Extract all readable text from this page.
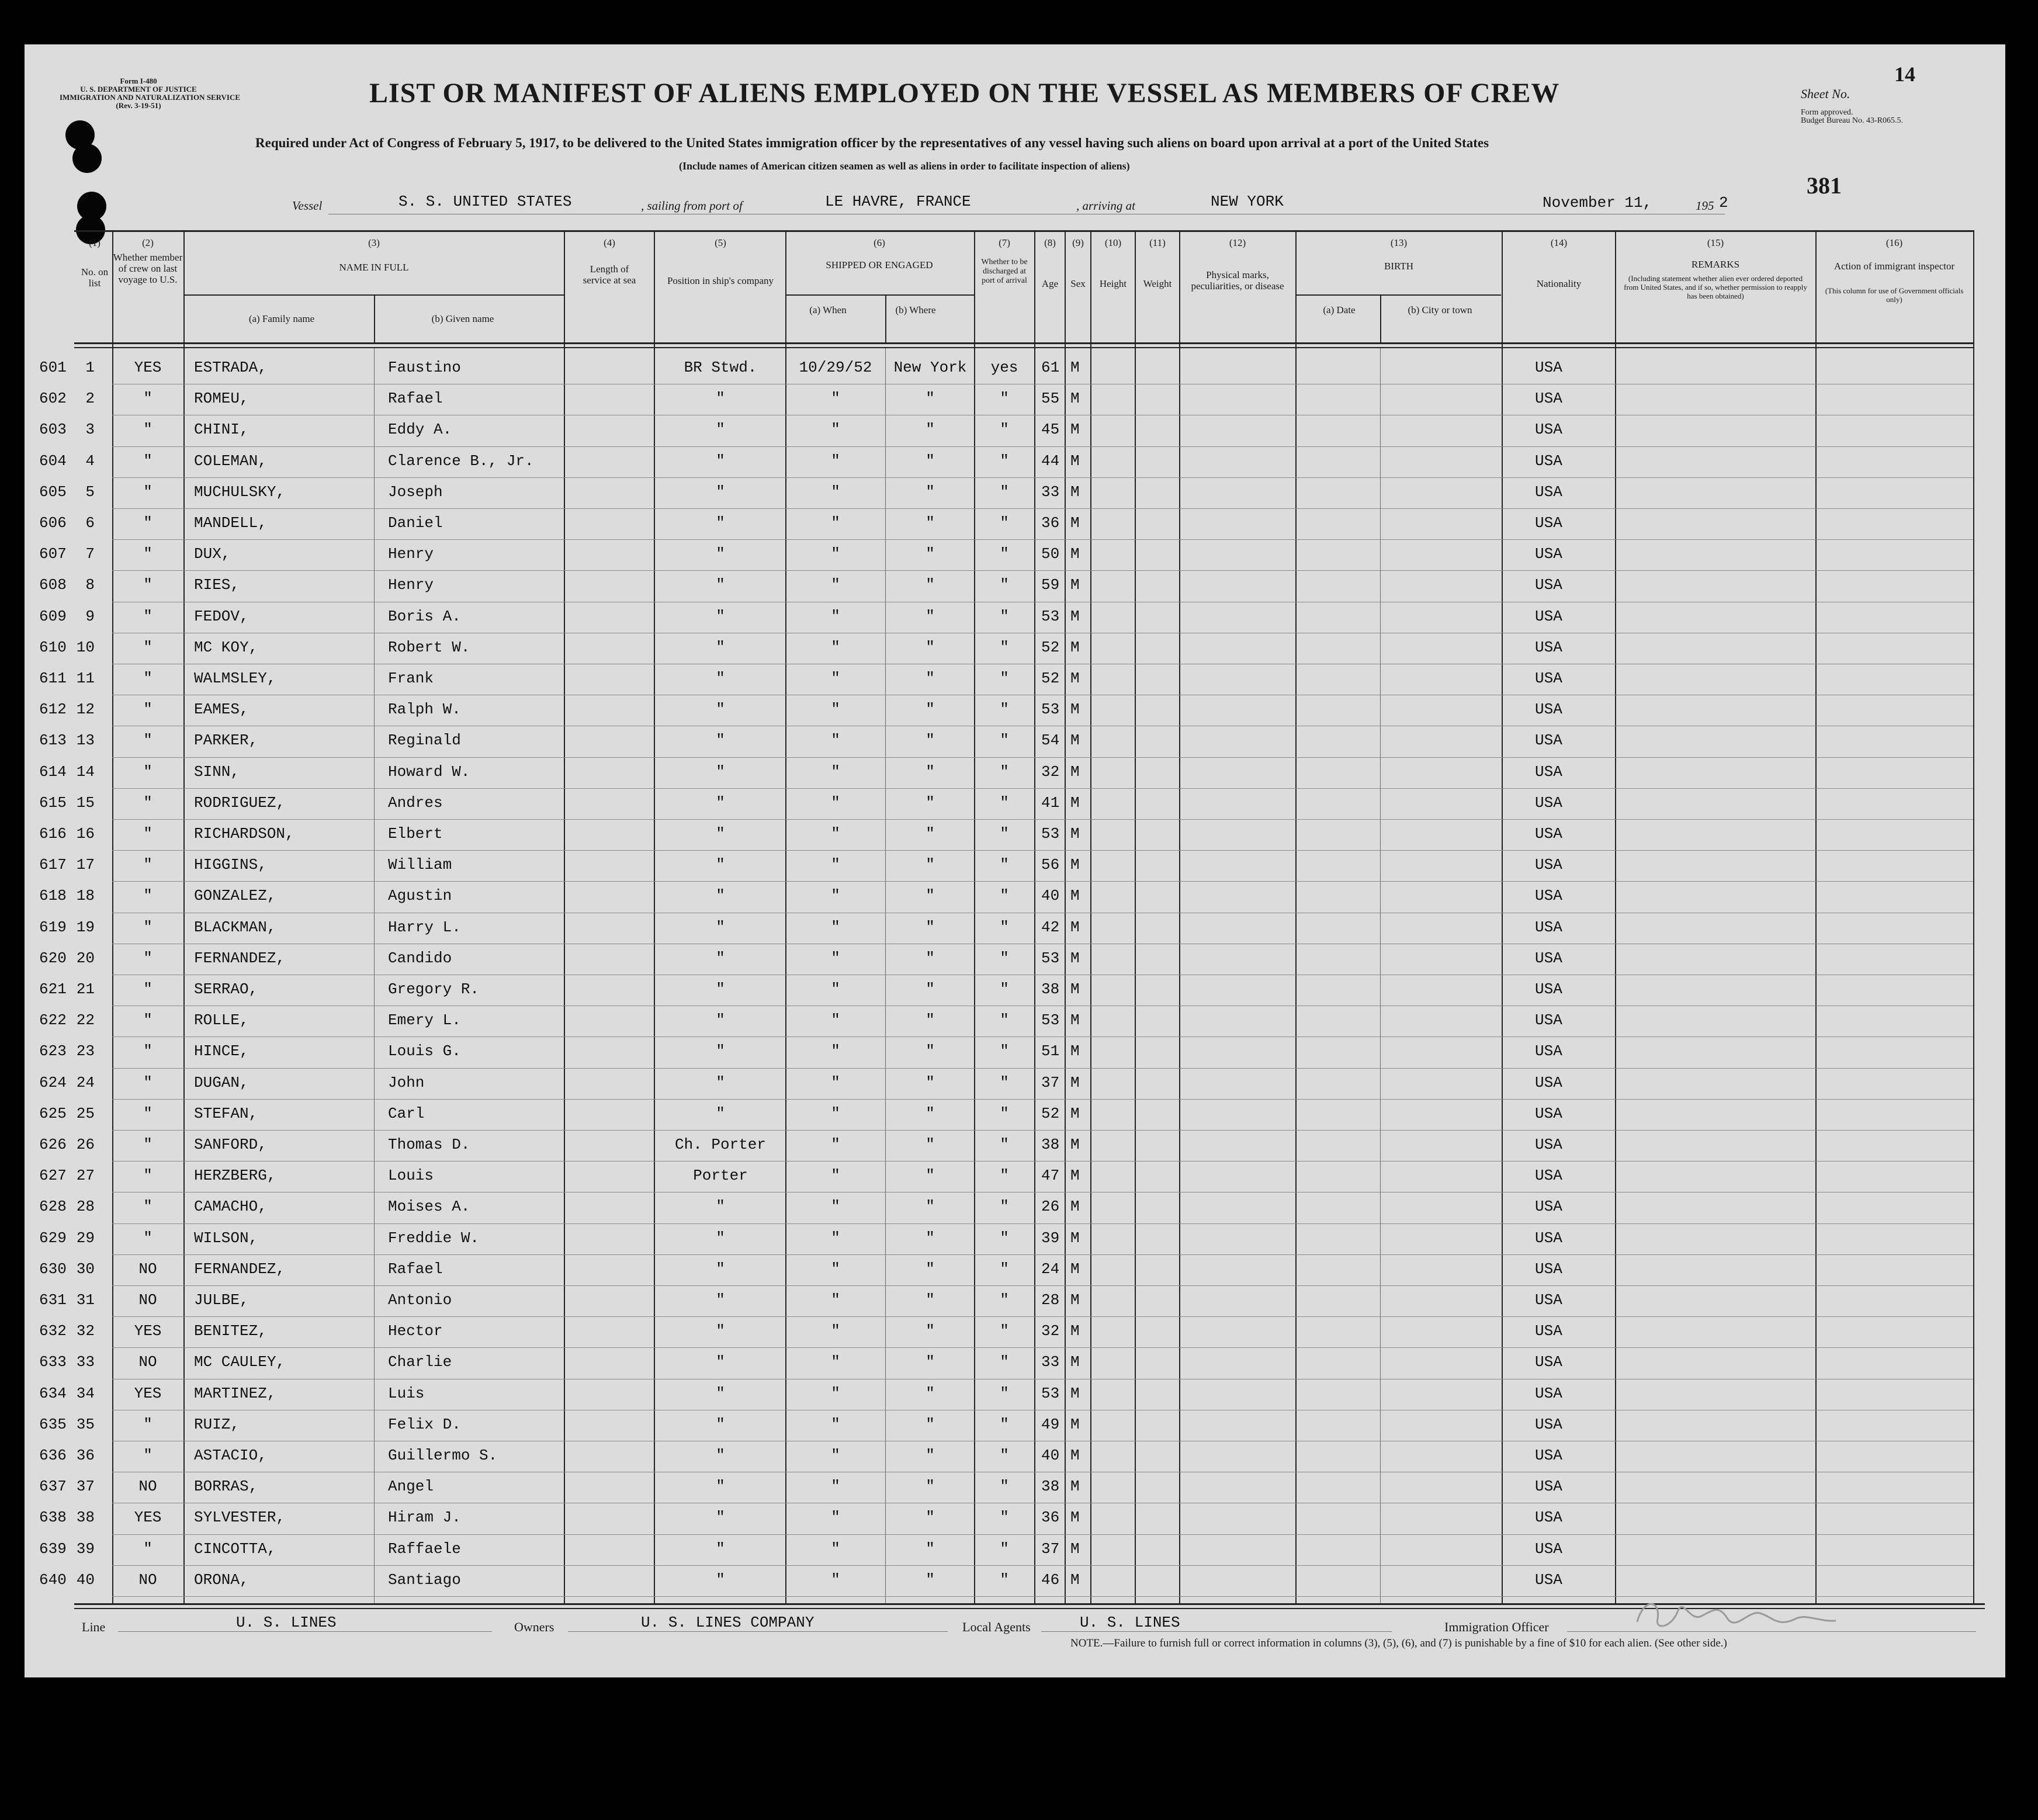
Form I-480
U. S. DEPARTMENT OF JUSTICE
IMMIGRATION AND NATURALIZATION SERVICE
(Rev. 3-19-51)	LIST OR MANIFEST OF ALIENS EMPLOYED ON THE VESSEL AS MEMBERS OF CREW
Required under Act of Congress of February 5, 1917, to be delivered to the United States immigration officer by the representatives of any vessel having such aliens on board upon arrival at a port of the United States
(Include names of American citizen seamen as well as aliens in order to facilitate inspection of aliens)
Sheet No.
14
Form approved.
Budget Bureau No. 43-R065.5.
381
Vessel	S. S. UNITED STATES	, sailing from port of	LE HAVRE, FRANCE	, arriving at	NEW YORK	November 11,	195 2
(1)
No. on list
(2)
Whether member of crew on last voyage to U.S.
(3)
NAME IN FULL
(a) Family name	(b) Given name
(4)
Length of service at sea
(5)
Position in ship's company
(6)
SHIPPED OR ENGAGED
(a) When	(b) Where
(7)
Whether to be discharged at port of arrival
(8)
Age
(9)
Sex
(10)
Height
(11)
Weight
(12)
Physical marks, peculiarities, or disease
(13)
BIRTH
(a) Date	(b) City or town
(14)
Nationality
(15)
REMARKS
(Including statement whether alien ever ordered deported from United States, and if so, whether permission to reapply has been obtained)
(16)
Action of immigrant inspector
(This column for use of Government officials only)
601	1	YES	ESTRADA,	Faustino	BR Stwd.	10/29/52	New York	yes	61 M	USA
602	2	"	ROMEU,	Rafael	"	"	"	"	55 M	USA
603	3	"	CHINI,	Eddy A.	"	"	"	"	45 M	USA
604	4	"	COLEMAN,	Clarence B., Jr.	"	"	"	"	44 M	USA
605	5	"	MUCHULSKY,	Joseph	"	"	"	"	33 M	USA
606	6	"	MANDELL,	Daniel	"	"	"	"	36 M	USA
607	7	"	DUX,	Henry	"	"	"	"	50 M	USA
608	8	"	RIES,	Henry	"	"	"	"	59 M	USA
609	9	"	FEDOV,	Boris A.	"	"	"	"	53 M	USA
610 10	"	MC KOY,	Robert W.	"	"	"	"	52 M	USA
611 11	"	WALMSLEY,	Frank	"	"	"	"	52 M	USA
612 12	"	EAMES,	Ralph W.	"	"	"	"	53 M	USA
613 13	"	PARKER,	Reginald	"	"	"	"	54 M	USA
614 14	"	SINN,	Howard W.	"	"	"	"	32 M	USA
615 15	"	RODRIGUEZ,	Andres	"	"	"	"	41 M	USA
616 16	"	RICHARDSON,	Elbert	"	"	"	"	53 M	USA
617 17	"	HIGGINS,	William	"	"	"	"	56 M	USA
618 18	"	GONZALEZ,	Agustin	"	"	"	"	40 M	USA
619 19	"	BLACKMAN,	Harry L.	"	"	"	"	42 M	USA
620 20	"	FERNANDEZ,	Candido	"	"	"	"	53 M	USA
621 21	"	SERRAO,	Gregory R.	"	"	"	"	38 M	USA
622 22	"	ROLLE,	Emery L.	"	"	"	"	53 M	USA
623 23	"	HINCE,	Louis G.	"	"	"	"	51 M	USA
624 24	"	DUGAN,	John	"	"	"	"	37 M	USA
625 25	"	STEFAN,	Carl	"	"	"	"	52 M	USA
626 26	"	SANFORD,	Thomas D.	Ch. Porter	"	"	"	38 M	USA
627 27	"	HERZBERG,	Louis	Porter	"	"	"	47 M	USA
628 28	"	CAMACHO,	Moises A.	"	"	"	"	26 M	USA
629 29	"	WILSON,	Freddie W.	"	"	"	"	39 M	USA
630 30	NO	FERNANDEZ,	Rafael	"	"	"	"	24 M	USA
631 31	NO	JULBE,	Antonio	"	"	"	"	28 M	USA
632 32	YES	BENITEZ,	Hector	"	"	"	"	32 M	USA
633 33	NO	MC CAULEY,	Charlie	"	"	"	"	33 M	USA
634 34	YES	MARTINEZ,	Luis	"	"	"	"	53 M	USA
635 35	"	RUIZ,	Felix D.	"	"	"	"	49 M	USA
636 36	"	ASTACIO,	Guillermo S.	"	"	"	"	40 M	USA
637 37	NO	BORRAS,	Angel	"	"	"	"	38 M	USA
638 38	YES	SYLVESTER,	Hiram J.	"	"	"	"	36 M	USA
639 39	"	CINCOTTA,	Raffaele	"	"	"	"	37 M	USA
640 40	NO	ORONA,	Santiago	"	"	"	"	46 M	USA
Line	U. S. LINES	Owners	U. S. LINES COMPANY	Local Agents	U. S. LINES	Immigration Officer
NOTE.—Failure to furnish full or correct information in columns (3), (5), (6), and (7) is punishable by a fine of $10 for each alien. (See other side.)
